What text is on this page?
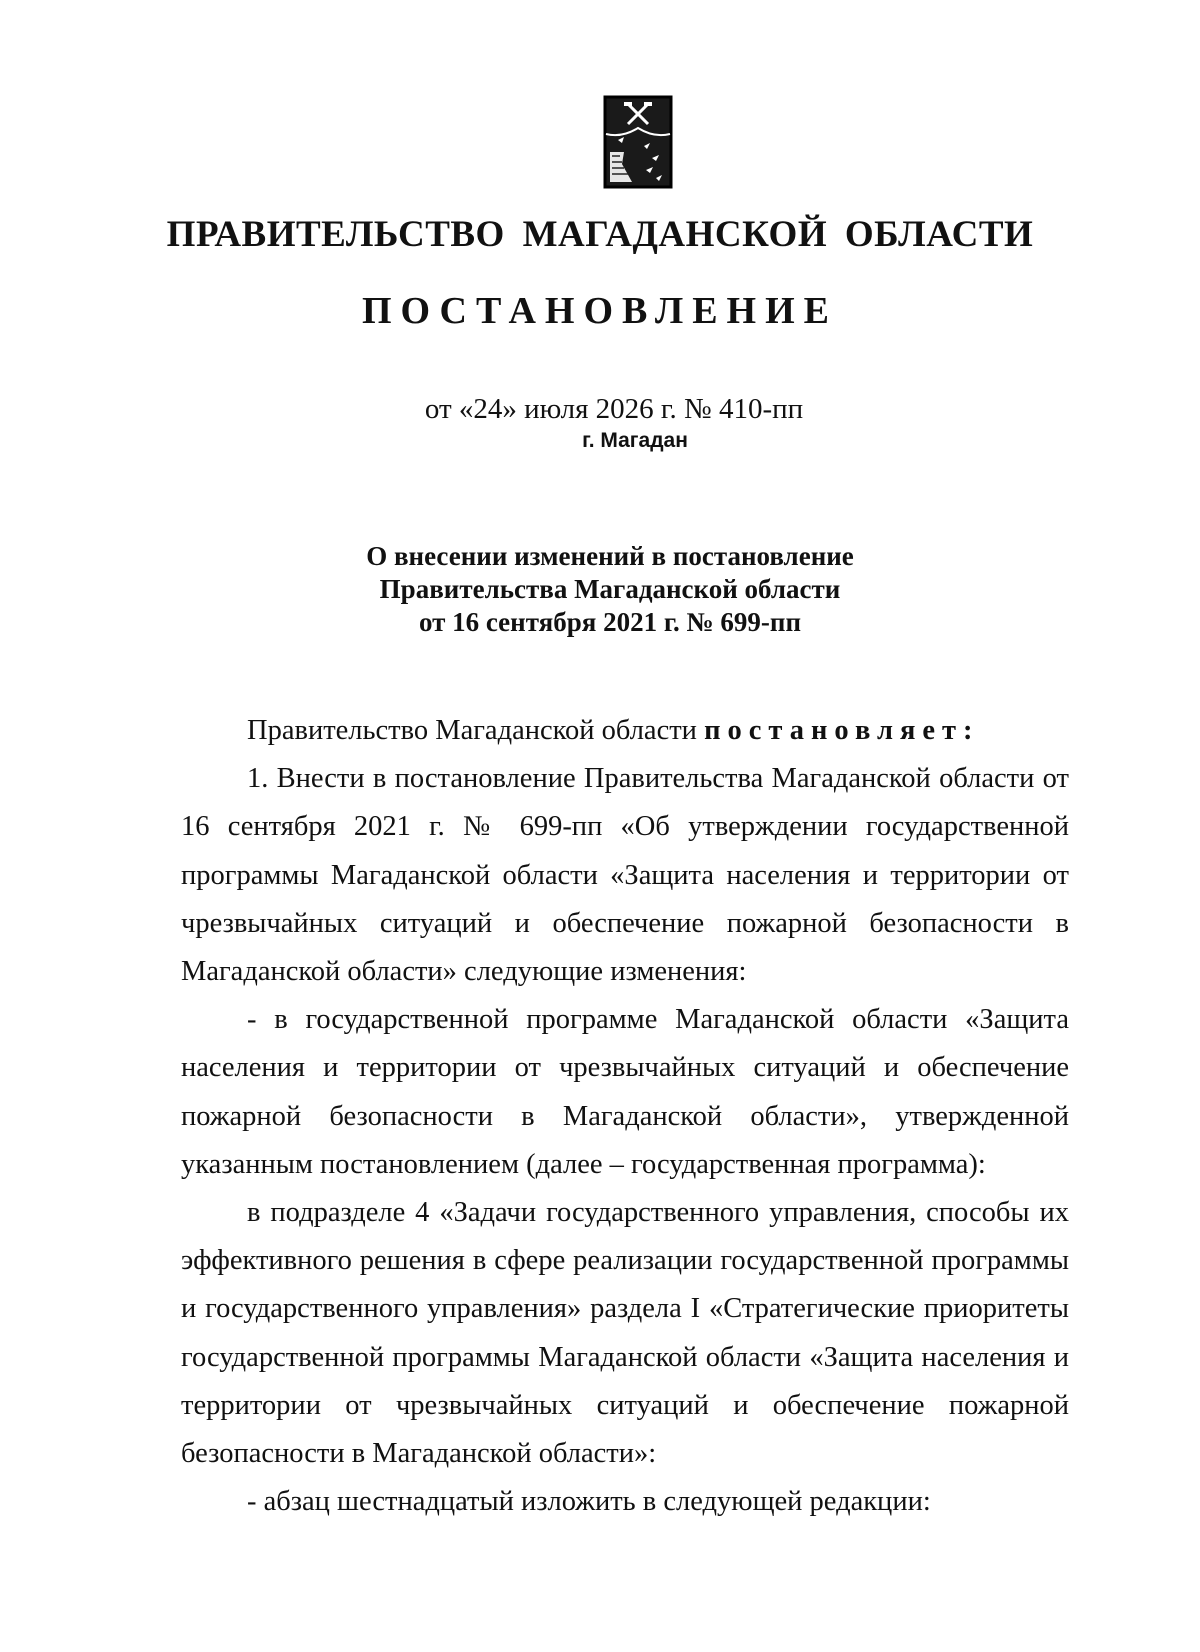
ПРАВИТЕЛЬСТВО МАГАДАНСКОЙ ОБЛАСТИ
ПОСТАНОВЛЕНИЕ
от «24» июля 2026 г. № 410-пп
г. Магадан
О внесении изменений в постановление
Правительства Магаданской области
от 16 сентября 2021 г. № 699-пп

Правительство Магаданской области постановляет:

1. Внести в постановление Правительства Магаданской области от 16 сентября 2021 г. № 699-пп «Об утверждении государственной программы Магаданской области «Защита населения и территории от чрезвычайных ситуаций и обеспечение пожарной безопасности в Магаданской области» следующие изменения:

- в государственной программе Магаданской области «Защита населения и территории от чрезвычайных ситуаций и обеспечение пожарной безопасности в Магаданской области», утвержденной указанным постановлением (далее – государственная программа):

в подразделе 4 «Задачи государственного управления, способы их эффективного решения в сфере реализации государственной программы и государственного управления» раздела I «Стратегические приоритеты государственной программы Магаданской области «Защита населения и территории от чрезвычайных ситуаций и обеспечение пожарной безопасности в Магаданской области»:

- абзац шестнадцатый изложить в следующей редакции:
